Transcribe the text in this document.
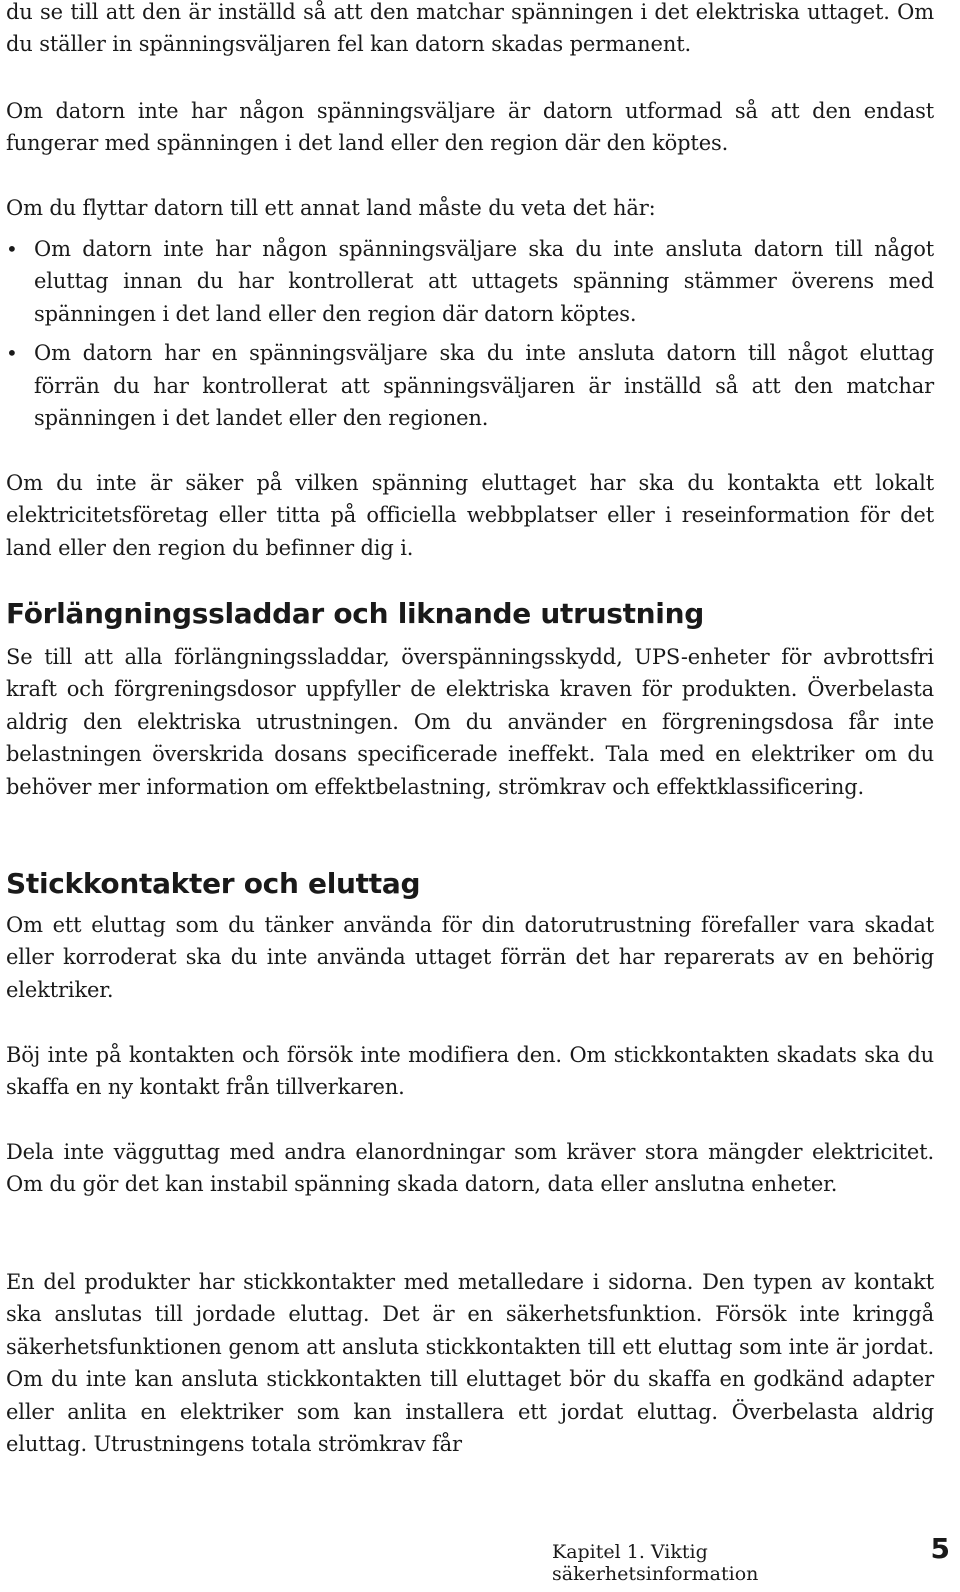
du se till att den är inställd så att den matchar spänningen i det elektriska uttaget. Om du ställer in spänningsväljaren fel kan datorn skadas permanent.

Om datorn inte har någon spänningsväljare är datorn utformad så att den endast fungerar med spänningen i det land eller den region där den köptes.

Om du flyttar datorn till ett annat land måste du veta det här:

• Om datorn inte har någon spänningsväljare ska du inte ansluta datorn till något eluttag innan du har kontrollerat att uttagets spänning stämmer överens med spänningen i det land eller den region där datorn köptes.
• Om datorn har en spänningsväljare ska du inte ansluta datorn till något eluttag förrän du har kontrollerat att spänningsväljaren är inställd så att den matchar spänningen i det landet eller den regionen.

Om du inte är säker på vilken spänning eluttaget har ska du kontakta ett lokalt elektricitetsföretag eller titta på officiella webbplatser eller i reseinformation för det land eller den region du befinner dig i.

Förlängningssladdar och liknande utrustning

Se till att alla förlängningssladdar, överspänningsskydd, UPS-enheter för avbrottsfri kraft och förgreningsdosor uppfyller de elektriska kraven för produkten. Överbelasta aldrig den elektriska utrustningen. Om du använder en förgreningsdosa får inte belastningen överskrida dosans specificerade ineffekt. Tala med en elektriker om du behöver mer information om effektbelastning, strömkrav och effektklassificering.

Stickkontakter och eluttag

Om ett eluttag som du tänker använda för din datorutrustning förefaller vara skadat eller korroderat ska du inte använda uttaget förrän det har reparerats av en behörig elektriker.

Böj inte på kontakten och försök inte modifiera den. Om stickkontakten skadats ska du skaffa en ny kontakt från tillverkaren.

Dela inte vägguttag med andra elanordningar som kräver stora mängder elektricitet. Om du gör det kan instabil spänning skada datorn, data eller anslutna enheter.

En del produkter har stickkontakter med metalledare i sidorna. Den typen av kontakt ska anslutas till jordade eluttag. Det är en säkerhetsfunktion. Försök inte kringgå säkerhetsfunktionen genom att ansluta stickkontakten till ett eluttag som inte är jordat. Om du inte kan ansluta stickkontakten till eluttaget bör du skaffa en godkänd adapter eller anlita en elektriker som kan installera ett jordat eluttag. Överbelasta aldrig eluttag. Utrustningens totala strömkrav får

Kapitel 1. Viktig säkerhetsinformation
5
